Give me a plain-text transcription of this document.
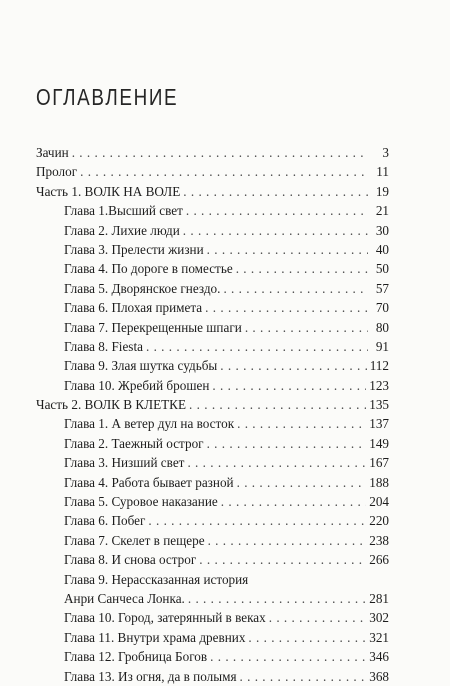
ОГЛАВЛЕНИЕ
Зачин . . .	3
Пролог . . .	11
Часть 1. ВОЛК НА ВОЛЕ . . .	19
Глава 1.Высший свет . . .	21
Глава 2. Лихие люди . . .	30
Глава 3. Прелести жизни . . .	40
Глава 4. По дороге в поместье . . .	50
Глава 5. Дворянское гнездо. . . .	57
Глава 6. Плохая примета . . .	70
Глава 7. Перекрещенные шпаги . . .	80
Глава 8. Fiesta . . .	91
Глава 9. Злая шутка судьбы . . .	112
Глава 10. Жребий брошен . . .	123
Часть 2. ВОЛК В КЛЕТКЕ . . .	135
Глава 1. А ветер дул на восток . . .	137
Глава 2. Таежный острог . . .	149
Глава 3. Низший свет . . .	167
Глава 4. Работа бывает разной . . .	188
Глава 5. Суровое наказание . . .	204
Глава 6. Побег . . .	220
Глава 7. Скелет в пещере . . .	238
Глава 8. И снова острог . . .	266
Глава 9. Нерассказанная история
Анри Санчеса Лонка. . . .	281
Глава 10. Город, затерянный в веках . . .	302
Глава 11. Внутри храма древних . . .	321
Глава 12. Гробница Богов . . .	346
Глава 13. Из огня, да в полымя . . .	368
